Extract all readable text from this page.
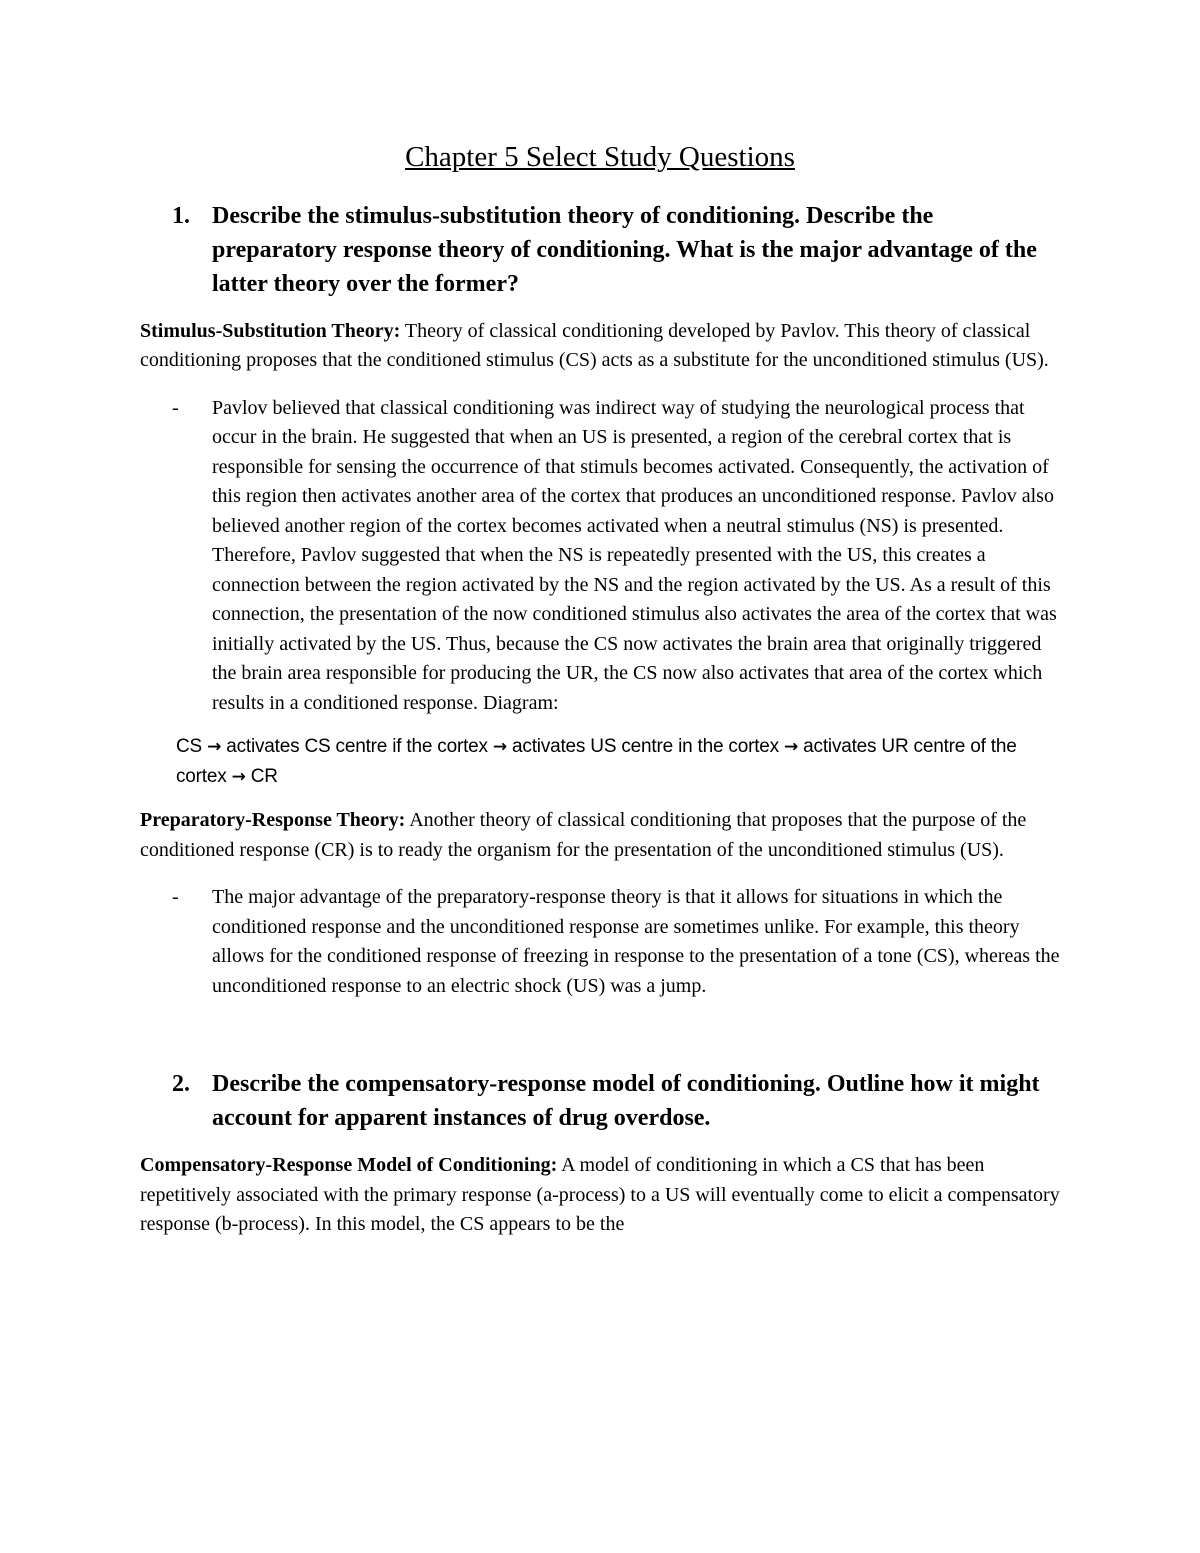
Chapter 5 Select Study Questions
1. Describe the stimulus-substitution theory of conditioning. Describe the preparatory response theory of conditioning. What is the major advantage of the latter theory over the former?

Stimulus-Substitution Theory: Theory of classical conditioning developed by Pavlov. This theory of classical conditioning proposes that the conditioned stimulus (CS) acts as a substitute for the unconditioned stimulus (US).

-	Pavlov believed that classical conditioning was indirect way of studying the neurological process that occur in the brain. He suggested that when an US is presented, a region of the cerebral cortex that is responsible for sensing the occurrence of that stimuls becomes activated. Consequently, the activation of this region then activates another area of the cortex that produces an unconditioned response. Pavlov also believed another region of the cortex becomes activated when a neutral stimulus (NS) is presented. Therefore, Pavlov suggested that when the NS is repeatedly presented with the US, this creates a connection between the region activated by the NS and the region activated by the US. As a result of this connection, the presentation of the now conditioned stimulus also activates the area of the cortex that was initially activated by the US. Thus, because the CS now activates the brain area that originally triggered the brain area responsible for producing the UR, the CS now also activates that area of the cortex which results in a conditioned response. Diagram:
CS → activates CS centre if the cortex → activates US centre in the cortex → activates UR centre of the cortex → CR

Preparatory-Response Theory: Another theory of classical conditioning that proposes that the purpose of the conditioned response (CR) is to ready the organism for the presentation of the unconditioned stimulus (US).

-	The major advantage of the preparatory-response theory is that it allows for situations in which the conditioned response and the unconditioned response are sometimes unlike. For example, this theory allows for the conditioned response of freezing in response to the presentation of a tone (CS), whereas the unconditioned response to an electric shock (US) was a jump.
2. Describe the compensatory-response model of conditioning. Outline how it might account for apparent instances of drug overdose.

Compensatory-Response Model of Conditioning: A model of conditioning in which a CS that has been repetitively associated with the primary response (a-process) to a US will eventually come to elicit a compensatory response (b-process). In this model, the CS appears to be the
